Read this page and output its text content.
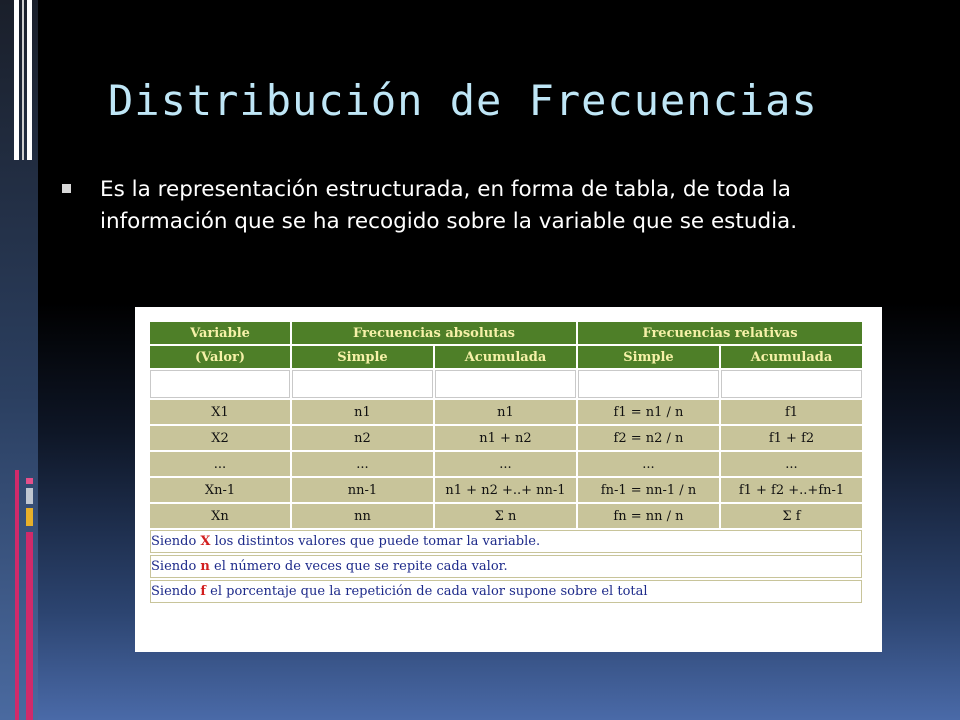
Distribución de Frecuencias
Es la representación estructurada, en forma de tabla, de toda la información que se ha recogido sobre la variable que se estudia.
Variable	Frecuencias absolutas		Frecuencias relativas	
(Valor)	Simple	Acumulada	Simple	Acumulada

X1	n1	n1	f1 = n1 / n	f1
X2	n2	n1 + n2	f2 = n2 / n	f1 + f2
...	...	...	...	...
Xn-1	nn-1	n1 + n2 +..+ nn-1	fn-1 = nn-1 / n	f1 + f2 +..+fn-1
Xn	nn	Σ n	fn = nn / n	Σ f
Siendo X los distintos valores que puede tomar la variable.				
Siendo n el número de veces que se repite cada valor.				
Siendo f el porcentaje que la repetición de cada valor supone sobre el total				
